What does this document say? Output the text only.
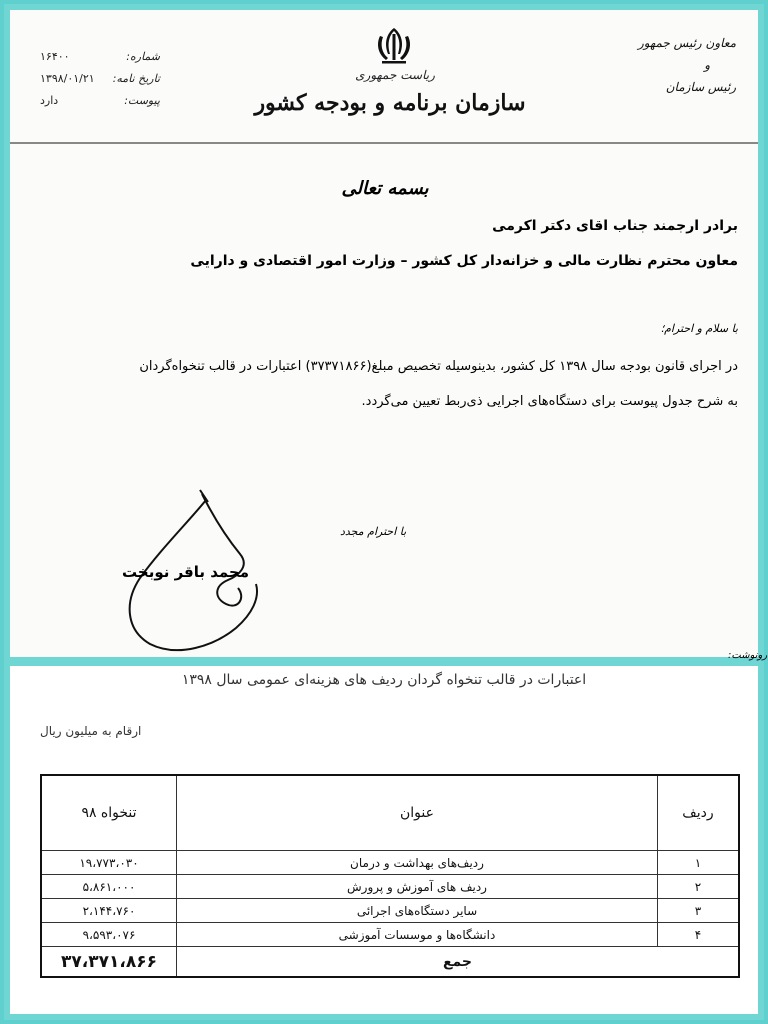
شماره:
۱۶۴۰۰
تاریخ نامه:
۱۳۹۸/۰۱/۲۱
پیوست:
دارد
ریاست جمهوری
سازمان برنامه و بودجه کشور
معاون رئیس جمهور
و
رئیس سازمان
بسمه تعالی
برادر ارجمند جناب اقای دکتر اکرمی
معاون محترم نظارت مالی و خزانه‌دار کل کشور – وزارت امور اقتصادی و دارایی
با سلام و احترام؛
در اجرای قانون بودجه سال ۱۳۹۸ کل کشور، بدینوسیله تخصیص مبلغ(۳۷۳۷۱۸۶۶) اعتبارات در قالب تنخواه‌گردان
به شرح جدول پیوست برای دستگاه‌های اجرایی ذی‌ربط تعیین می‌گردد.
با احترام مجدد
محمد باقر نوبخت
رونوشت:
اعتبارات در قالب تنخواه گردان ردیف های هزینه‌ای عمومی سال ۱۳۹۸
ارقام به میلیون ریال
ردیف	عنوان	تنخواه ۹۸
۱	ردیف‌های بهداشت و درمان	۱۹،۷۷۳،۰۳۰
۲	ردیف های آموزش و پرورش	۵،۸۶۱،۰۰۰
۳	سایر دستگاه‌های اجرائی	۲،۱۴۴،۷۶۰
۴	دانشگاه‌ها و موسسات آموزشی	۹،۵۹۳،۰۷۶
جمع		۳۷،۳۷۱،۸۶۶
